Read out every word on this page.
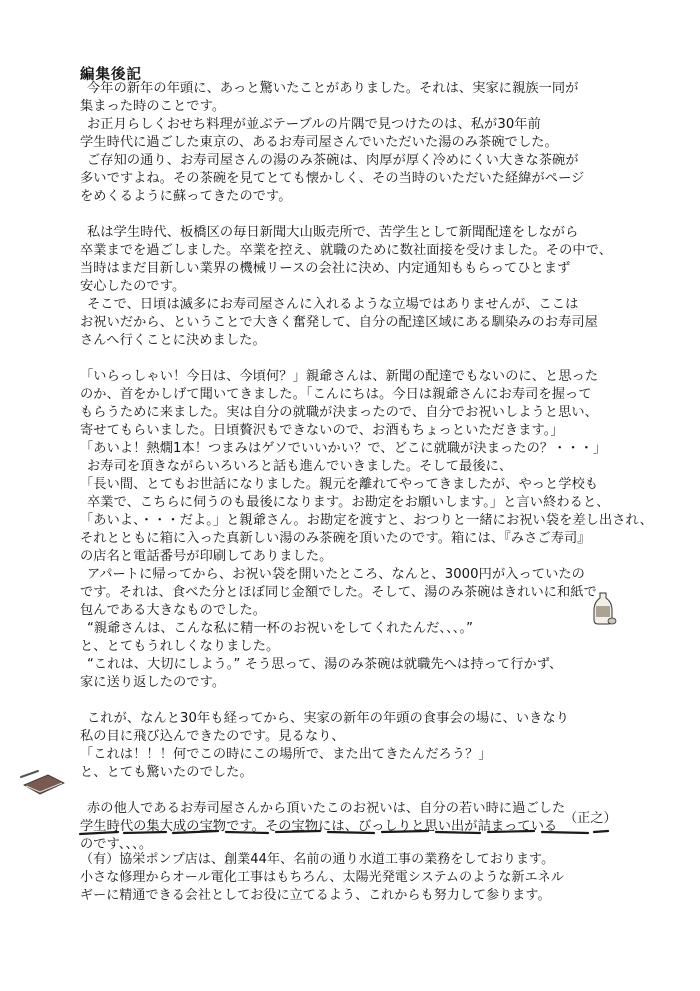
編集後記
今年の新年の年頭に、あっと驚いたことがありました。それは、実家に親族一同が
集まった時のことです。
お正月らしくおせち料理が並ぶテーブルの片隅で見つけたのは、私が30年前
学生時代に過ごした東京の、あるお寿司屋さんでいただいた湯のみ茶碗でした。
ご存知の通り、お寿司屋さんの湯のみ茶碗は、肉厚が厚く冷めにくい大きな茶碗が
多いですよね。その茶碗を見てとても懐かしく、その当時のいただいた経緯がページ
をめくるように蘇ってきたのです。
私は学生時代、板橋区の毎日新聞大山販売所で、苦学生として新聞配達をしながら
卒業までを過ごしました。卒業を控え、就職のために数社面接を受けました。その中で、
当時はまだ目新しい業界の機械リースの会社に決め、内定通知ももらってひとまず
安心したのです。
そこで、日頃は滅多にお寿司屋さんに入れるような立場ではありませんが、ここは
お祝いだから、ということで大きく奮発して、自分の配達区域にある馴染みのお寿司屋
さんへ行くことに決めました。
「いらっしゃい！今日は、今頃何？」親爺さんは、新聞の配達でもないのに、と思った
のか、首をかしげて聞いてきました。「こんにちは。今日は親爺さんにお寿司を握って
もらうために来ました。実は自分の就職が決まったので、自分でお祝いしようと思い、
寄せてもらいました。日頃贅沢もできないので、お酒もちょっといただきます。」
「あいよ！熱燗1本！つまみはゲソでいいかい？で、どこに就職が決まったの？・・・」
お寿司を頂きながらいろいろと話も進んでいきました。そして最後に、
「長い間、とてもお世話になりました。親元を離れてやってきましたが、やっと学校も
卒業で、こちらに伺うのも最後になります。お勘定をお願いします。」と言い終わると、
「あいよ、・・・だよ。」と親爺さん。お勘定を渡すと、おつりと一緒にお祝い袋を差し出され、
それとともに箱に入った真新しい湯のみ茶碗を頂いたのです。箱には、『みさご寿司』
の店名と電話番号が印刷してありました。
アパートに帰ってから、お祝い袋を開いたところ、なんと、3000円が入っていたの
です。それは、食べた分とほぼ同じ金額でした。そして、湯のみ茶碗はきれいに和紙で
包んである大きなものでした。
“親爺さんは、こんな私に精一杯のお祝いをしてくれたんだ、、、。”
と、とてもうれしくなりました。
“これは、大切にしよう。” そう思って、湯のみ茶碗は就職先へは持って行かず、
家に送り返したのです。
これが、なんと30年も経ってから、実家の新年の年頭の食事会の場に、いきなり
私の目に飛び込んできたのです。見るなり、
「これは！！！何でこの時にこの場所で、また出てきたんだろう？」
と、とても驚いたのでした。
赤の他人であるお寿司屋さんから頂いたこのお祝いは、自分の若い時に過ごした
学生時代の集大成の宝物です。その宝物には、びっしりと思い出が詰まっている
のです、、、。
（正之）
（有）協栄ポンプ店は、創業44年、名前の通り水道工事の業務をしております。
小さな修理からオール電化工事はもちろん、太陽光発電システムのような新エネル
ギーに精通できる会社としてお役に立てるよう、これからも努力して参ります。
